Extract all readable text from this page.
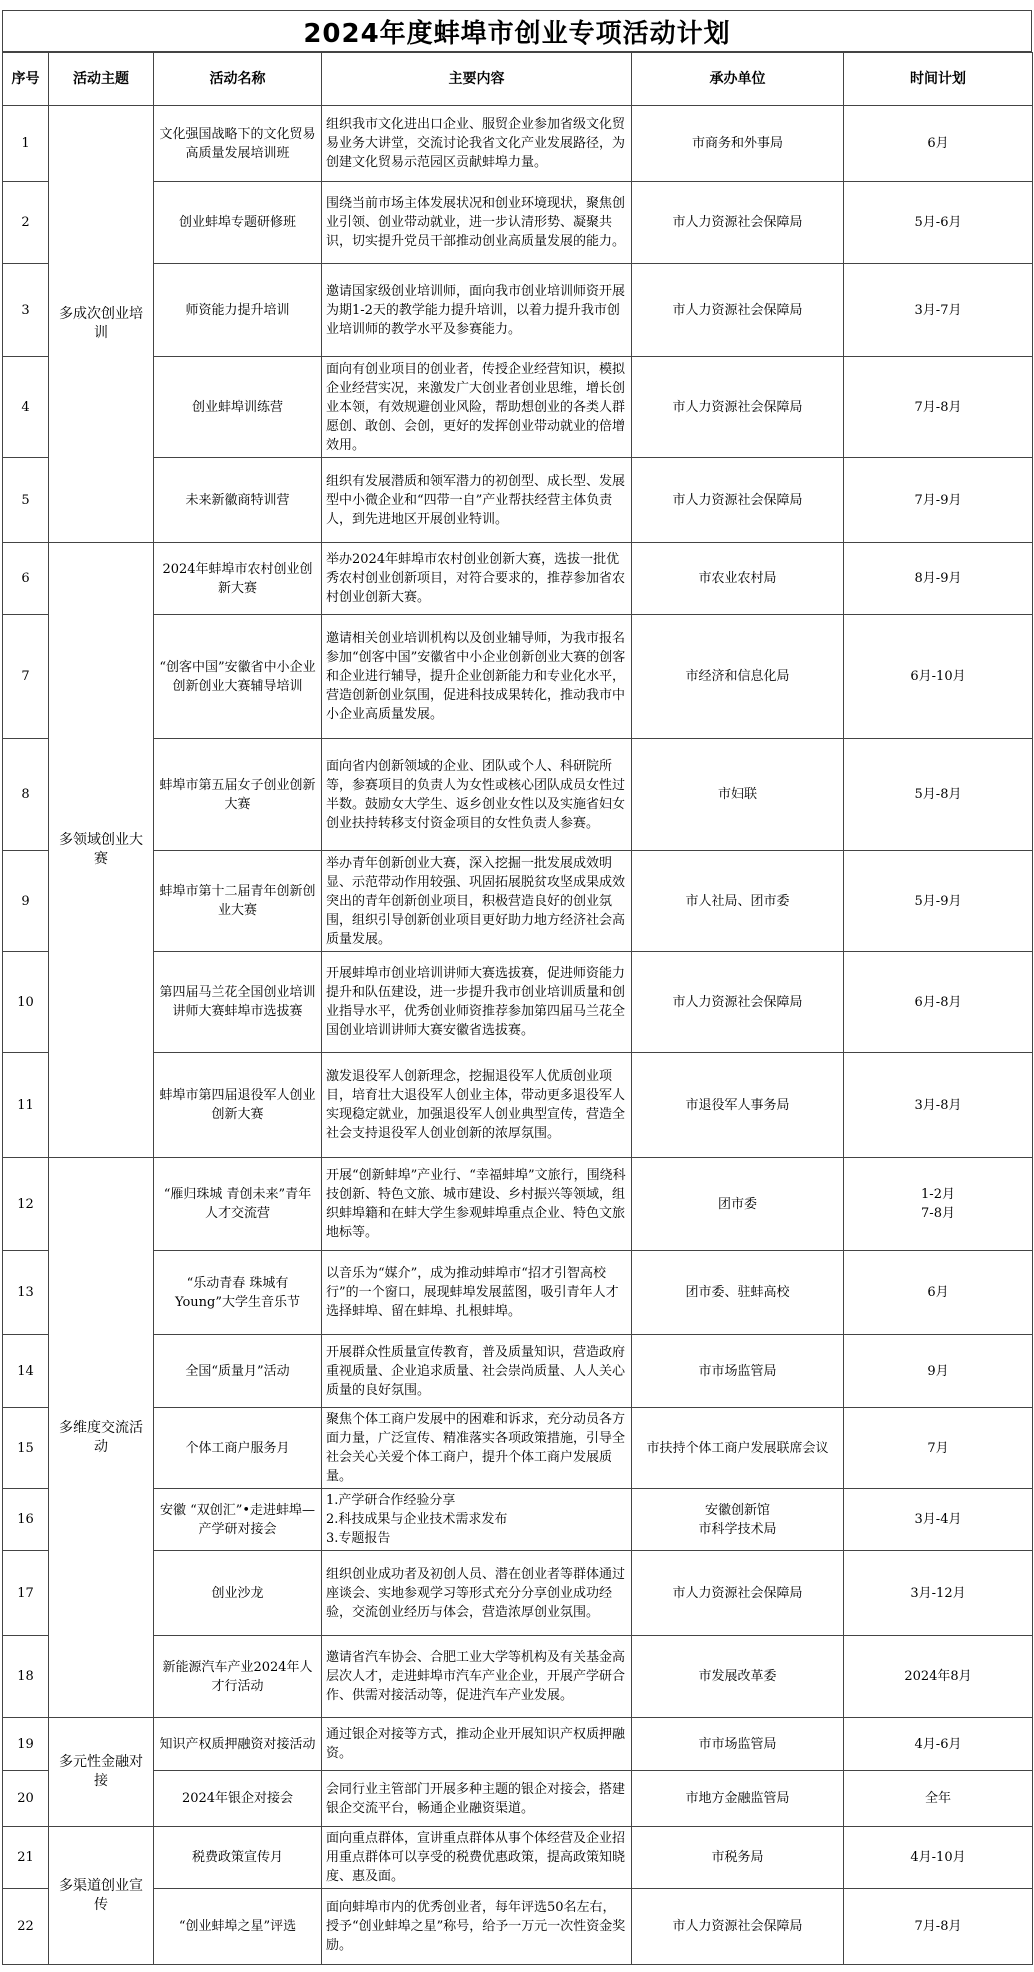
2024年度蚌埠市创业专项活动计划
序号	活动主题	活动名称	主要内容	承办单位	时间计划
1	多成次创业培训	文化强国战略下的文化贸易高质量发展培训班	组织我市文化进出口企业、服贸企业参加省级文化贸易业务大讲堂，交流讨论我省文化产业发展路径，为创建文化贸易示范园区贡献蚌埠力量。	市商务和外事局	6月
2		创业蚌埠专题研修班	围绕当前市场主体发展状况和创业环境现状，聚焦创业引领、创业带动就业，进一步认清形势、凝聚共识，切实提升党员干部推动创业高质量发展的能力。	市人力资源社会保障局	5月-6月
3		师资能力提升培训	邀请国家级创业培训师，面向我市创业培训师资开展为期1-2天的教学能力提升培训，以着力提升我市创业培训师的教学水平及参赛能力。	市人力资源社会保障局	3月-7月
4		创业蚌埠训练营	面向有创业项目的创业者，传授企业经营知识，模拟企业经营实况，来激发广大创业者创业思维，增长创业本领，有效规避创业风险，帮助想创业的各类人群愿创、敢创、会创，更好的发挥创业带动就业的倍增效用。	市人力资源社会保障局	7月-8月
5		未来新徽商特训营	组织有发展潜质和领军潜力的初创型、成长型、发展型中小微企业和“四带一自”产业帮扶经营主体负责人，到先进地区开展创业特训。	市人力资源社会保障局	7月-9月
6	多领域创业大赛	2024年蚌埠市农村创业创新大赛	举办2024年蚌埠市农村创业创新大赛，选拔一批优秀农村创业创新项目，对符合要求的，推荐参加省农村创业创新大赛。	市农业农村局	8月-9月
7		“创客中国”安徽省中小企业创新创业大赛辅导培训	邀请相关创业培训机构以及创业辅导师，为我市报名参加“创客中国”安徽省中小企业创新创业大赛的创客和企业进行辅导，提升企业创新能力和专业化水平，营造创新创业氛围，促进科技成果转化，推动我市中小企业高质量发展。	市经济和信息化局	6月-10月
8		蚌埠市第五届女子创业创新大赛	面向省内创新领域的企业、团队或个人、科研院所等，参赛项目的负责人为女性或核心团队成员女性过半数。鼓励女大学生、返乡创业女性以及实施省妇女创业扶持转移支付资金项目的女性负责人参赛。	市妇联	5月-8月
9		蚌埠市第十二届青年创新创业大赛	举办青年创新创业大赛，深入挖掘一批发展成效明显、示范带动作用较强、巩固拓展脱贫攻坚成果成效突出的青年创新创业项目，积极营造良好的创业氛围，组织引导创新创业项目更好助力地方经济社会高质量发展。	市人社局、团市委	5月-9月
10		第四届马兰花全国创业培训讲师大赛蚌埠市选拔赛	开展蚌埠市创业培训讲师大赛选拔赛，促进师资能力提升和队伍建设，进一步提升我市创业培训质量和创业指导水平，优秀创业师资推荐参加第四届马兰花全国创业培训讲师大赛安徽省选拔赛。	市人力资源社会保障局	6月-8月
11		蚌埠市第四届退役军人创业创新大赛	激发退役军人创新理念，挖掘退役军人优质创业项目，培育壮大退役军人创业主体，带动更多退役军人实现稳定就业，加强退役军人创业典型宣传，营造全社会支持退役军人创业创新的浓厚氛围。	市退役军人事务局	3月-8月
12	多维度交流活动	“雁归珠城 青创未来”青年人才交流营	开展“创新蚌埠”产业行、“幸福蚌埠”文旅行，围绕科技创新、特色文旅、城市建设、乡村振兴等领域，组织蚌埠籍和在蚌大学生参观蚌埠重点企业、特色文旅地标等。	团市委	1-2月
7-8月
13		“乐动青春 珠城有Young”大学生音乐节	以音乐为“媒介”，成为推动蚌埠市“招才引智高校行”的一个窗口，展现蚌埠发展蓝图，吸引青年人才选择蚌埠、留在蚌埠、扎根蚌埠。	团市委、驻蚌高校	6月
14		全国“质量月”活动	开展群众性质量宣传教育，普及质量知识，营造政府重视质量、企业追求质量、社会崇尚质量、人人关心质量的良好氛围。	市市场监管局	9月
15		个体工商户服务月	聚焦个体工商户发展中的困难和诉求，充分动员各方面力量，广泛宣传、精准落实各项政策措施，引导全社会关心关爱个体工商户，提升个体工商户发展质量。	市扶持个体工商户发展联席会议	7月
16		安徽 “双创汇”•走进蚌埠—产学研对接会	1.产学研合作经验分享
2.科技成果与企业技术需求发布
3.专题报告	安徽创新馆
市科学技术局	3月-4月
17		创业沙龙	组织创业成功者及初创人员、潜在创业者等群体通过座谈会、实地参观学习等形式充分分享创业成功经验，交流创业经历与体会，营造浓厚创业氛围。	市人力资源社会保障局	3月-12月
18		新能源汽车产业2024年人才行活动	邀请省汽车协会、合肥工业大学等机构及有关基金高层次人才，走进蚌埠市汽车产业企业，开展产学研合作、供需对接活动等，促进汽车产业发展。	市发展改革委	2024年8月
19	多元性金融对接	知识产权质押融资对接活动	通过银企对接等方式，推动企业开展知识产权质押融资。	市市场监管局	4月-6月
20		2024年银企对接会	会同行业主管部门开展多种主题的银企对接会，搭建银企交流平台，畅通企业融资渠道。	市地方金融监管局	全年
21	多渠道创业宣传	税费政策宣传月	面向重点群体，宣讲重点群体从事个体经营及企业招用重点群体可以享受的税费优惠政策，提高政策知晓度、惠及面。	市税务局	4月-10月
22		“创业蚌埠之星”评选	面向蚌埠市内的优秀创业者，每年评选50名左右，授予“创业蚌埠之星”称号，给予一万元一次性资金奖励。	市人力资源社会保障局	7月-8月
